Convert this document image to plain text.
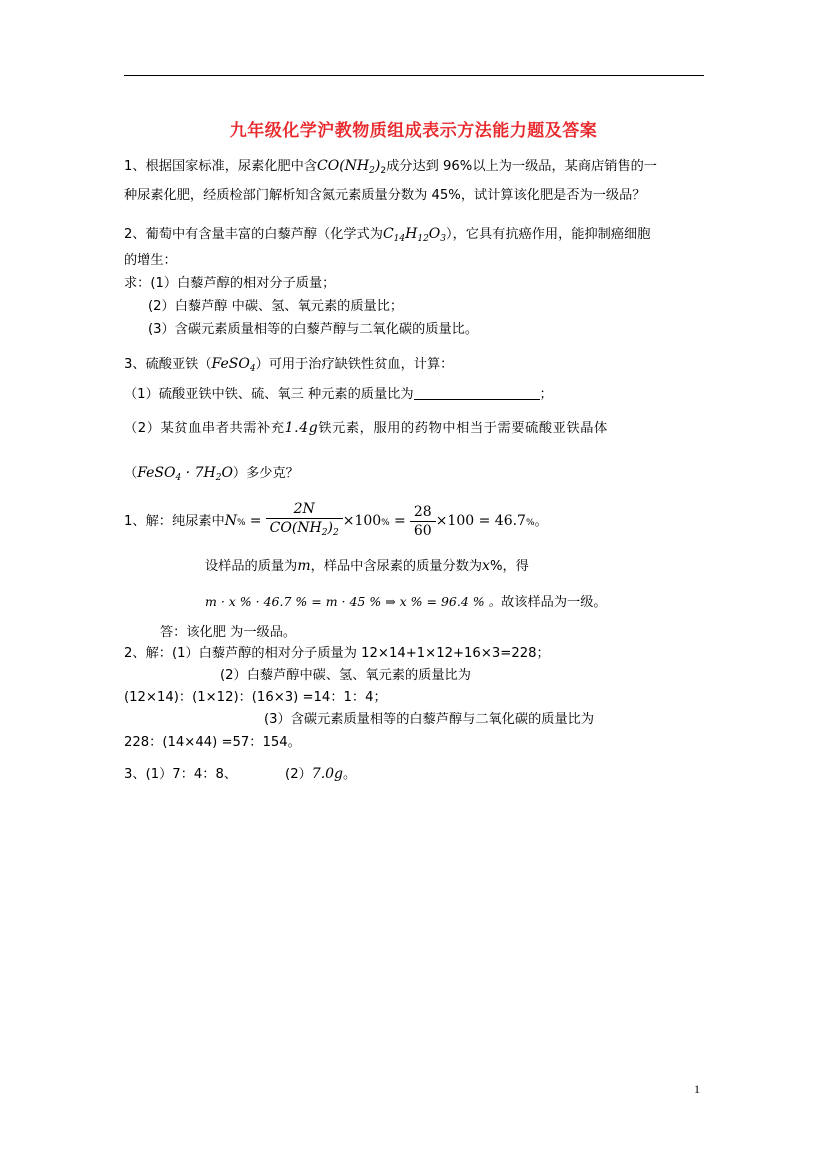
九年级化学沪教物质组成表示方法能力题及答案
1、根据国家标准，尿素化肥中含$CO(NH_2)_2$成分达到 96%以上为一级品，某商店销售的一
种尿素化肥，经质检部门解析知含氮元素质量分数为 45%，试计算该化肥是否为一级品？
2、葡萄中有含量丰富的白藜芦醇（化学式为$C_{14}H_{12}O_3$），它具有抗癌作用，能抑制癌细胞
的增生：
求：(1）白藜芦醇的相对分子质量；
(2）白藜芦醇 中碳、氢、氧元素的质量比；
(3）含碳元素质量相等的白藜芦醇与二氧化碳的质量比。
3、硫酸亚铁（FeSO$_4$）可用于治疗缺铁性贫血，计算：
（1）硫酸亚铁中铁、硫、氧三 种元素的质量比为	；
（2）某贫血串者共需补充1.4g铁元素，服用的药物中相当于需要硫酸亚铁晶体
（FeSO$_4$ · $7H_2O$）多少克？
1、解：纯尿素中$N\% = \frac{2N}{CO(NH_2)_2} \times 100\% = \frac{28}{60} \times 100 = 46.7\%$。
设样品的质量为m，样品中含尿素的质量分数为x%，得
m · x % · 46.7 % = m · 45 % ⇒ x % = 96.4 % 。故该样品为一级。
答：该化肥 为一级品。
2、解：(1）白藜芦醇的相对分子质量为 12×14+1×12+16×3=228；
(2）白藜芦醇中碳、氢、氧元素的质量比为
(12×14)：(1×12)：(16×3) =14：1：4；
(3）含碳元素质量相等的白藜芦醇与二氧化碳的质量比为
228：(14×44) =57：154。
3、(1）7：4：8、	(2）7.0g。
1
